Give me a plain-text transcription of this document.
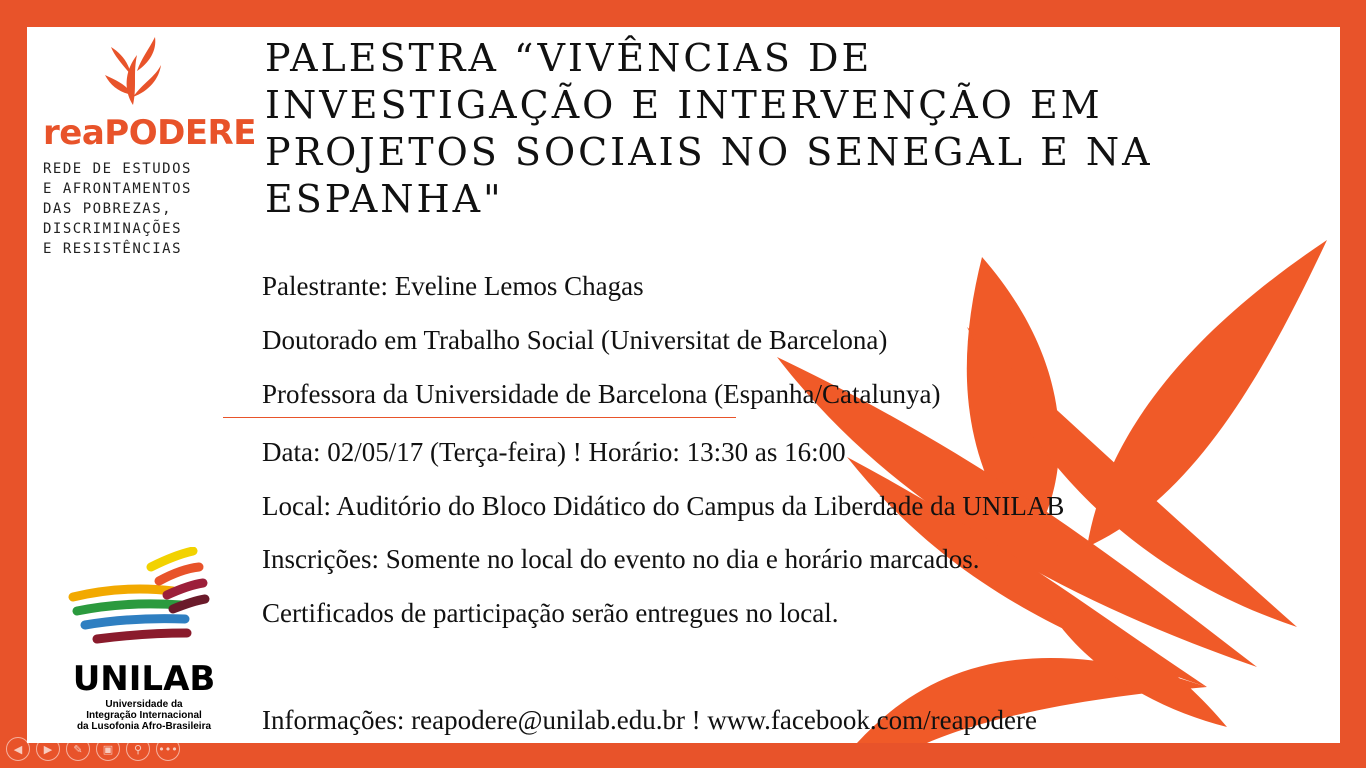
reaPODERE
REDE DE ESTUDOS
E AFRONTAMENTOS
DAS POBREZAS,
DISCRIMINAÇÕES
E RESISTÊNCIAS
PALESTRA “VIVÊNCIAS DE INVESTIGAÇÃO E INTERVENÇÃO EM PROJETOS SOCIAIS NO SENEGAL E NA ESPANHA"
Palestrante: Eveline Lemos Chagas
Doutorado em Trabalho Social (Universitat de Barcelona)
Professora da Universidade de Barcelona (Espanha/Catalunya)
Data: 02/05/17 (Terça-feira) ! Horário: 13:30 as 16:00
Local: Auditório do Bloco Didático do Campus da Liberdade da UNILAB
Inscrições: Somente no local do evento no dia e horário marcados.
Certificados de participação serão entregues no local.
Informações: reapodere@unilab.edu.br ! www.facebook.com/reapodere
UNILAB
Universidade da
Integração Internacional
da Lusofonia Afro-Brasileira
◀	▶	✎	▣	⚲	•••
